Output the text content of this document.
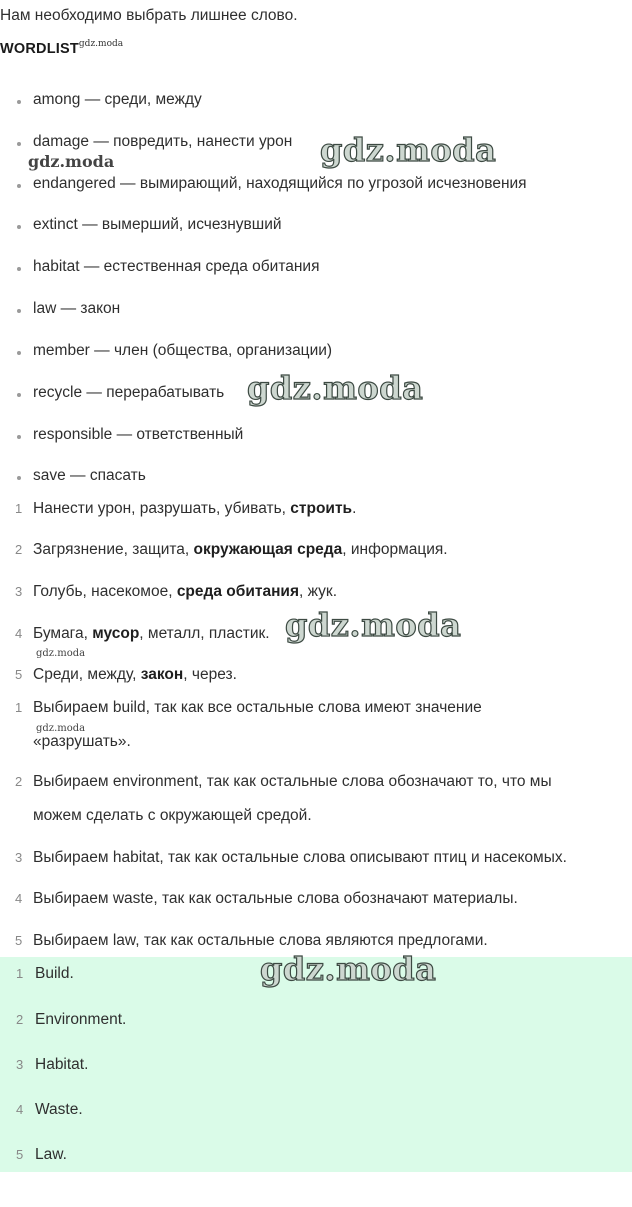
Нам необходимо выбрать лишнее слово.
$WORDLIST^{gdz.moda}$
among — среди, между
damage — повредить, нанести урон
endangered — вымирающий, находящийся по угрозой исчезновения
extinct — вымерший, исчезнувший
habitat — естественная среда обитания
law — закон
member — член (общества, организации)
recycle — перерабатывать
responsible — ответственный
save — спасать
1 Нанести урон, разрушать, убивать, строить.
2 Загрязнение, защита, окружающая среда, информация.
3 Голубь, насекомое, среда обитания, жук.
4 Бумага, мусор, металл, пластик.
5 Среди, между, закон, через.
1 Выбираем build, так как все остальные слова имеют значение
«разрушать».
2 Выбираем environment, так как остальные слова обозначают то, что мы
можем сделать с окружающей средой.
3 Выбираем habitat, так как остальные слова описывают птиц и насекомых.
4 Выбираем waste, так как остальные слова обозначают материалы.
5 Выбираем law, так как остальные слова являются предлогами.
1 Build.
2 Environment.
3 Habitat.
4 Waste.
5 Law.
gdz.moda
gdz.moda
gdz.moda
gdz.moda
gdz.moda
gdz.moda
gdz.moda
